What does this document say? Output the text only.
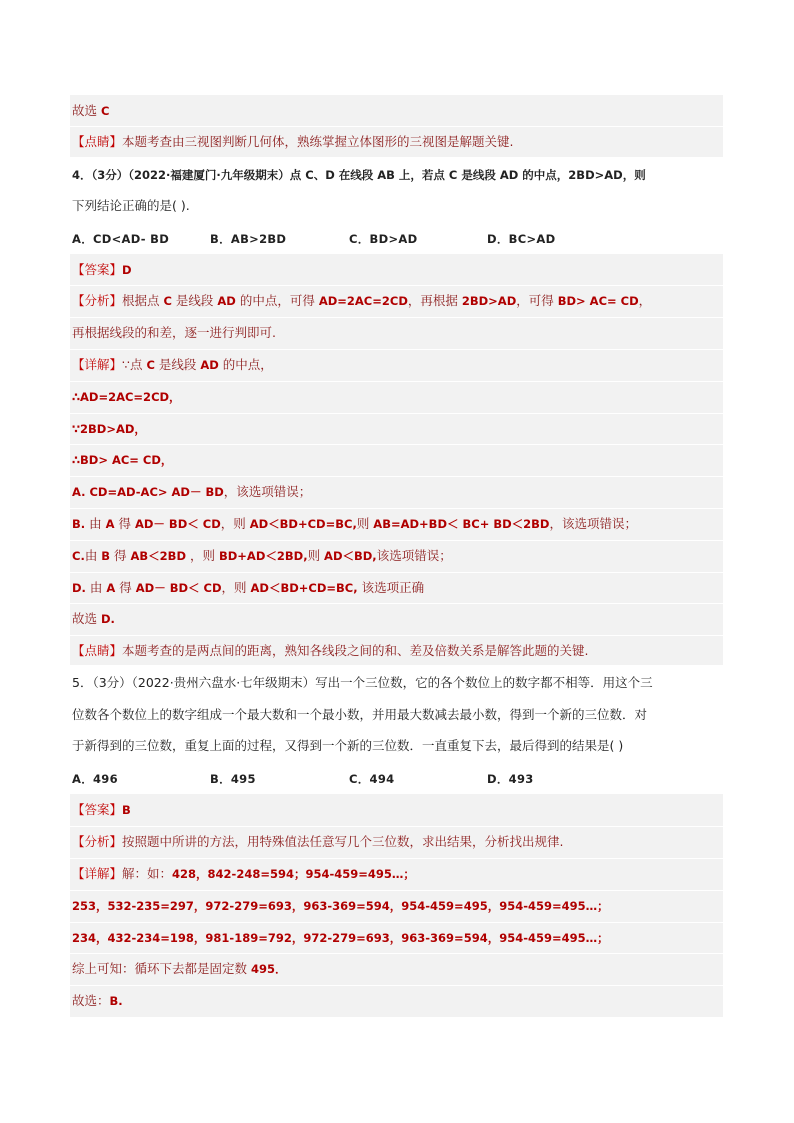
故选 C
【点睛】本题考查由三视图判断几何体，熟练掌握立体图形的三视图是解题关键.
4．（3分）（2022·福建厦门·九年级期末）点 C、D 在线段 AB 上，若点 C 是线段 AD 的中点，2BD>AD，则
下列结论正确的是( ).
A．CD<AD- BD	B．AB>2BD	C．BD>AD	D．BC>AD
【答案】D
【分析】根据点 C 是线段 AD 的中点，可得 AD=2AC=2CD，再根据 2BD>AD，可得 BD> AC= CD，
再根据线段的和差，逐一进行判即可.
【详解】∵点 C 是线段 AD 的中点，
∴AD=2AC=2CD，
∵2BD>AD，
∴BD> AC= CD，
A. CD=AD-AC> AD－ BD，该选项错误；
B. 由 A 得 AD－ BD＜ CD，则 AD＜BD+CD=BC,则 AB=AD+BD＜ BC+ BD＜2BD，该选项错误；
C.由 B 得 AB＜2BD ，则 BD+AD＜2BD,则 AD＜BD,该选项错误；
D. 由 A 得 AD－ BD＜ CD，则 AD＜BD+CD=BC, 该选项正确
故选 D.
【点睛】本题考查的是两点间的距离，熟知各线段之间的和、差及倍数关系是解答此题的关键.
5．（3分）（2022·贵州六盘水·七年级期末）写出一个三位数，它的各个数位上的数字都不相等．用这个三
位数各个数位上的数字组成一个最大数和一个最小数，并用最大数减去最小数，得到一个新的三位数．对
于新得到的三位数，重复上面的过程，又得到一个新的三位数．一直重复下去，最后得到的结果是( )
A．496	B．495	C．494	D．493
【答案】B
【分析】按照题中所讲的方法，用特殊值法任意写几个三位数，求出结果，分析找出规律.
【详解】解：如：428，842-248=594；954-459=495…；
253，532-235=297，972-279=693，963-369=594，954-459=495，954-459=495…；
234，432-234=198，981-189=792，972-279=693，963-369=594，954-459=495…；
综上可知：循环下去都是固定数 495．
故选：B.
